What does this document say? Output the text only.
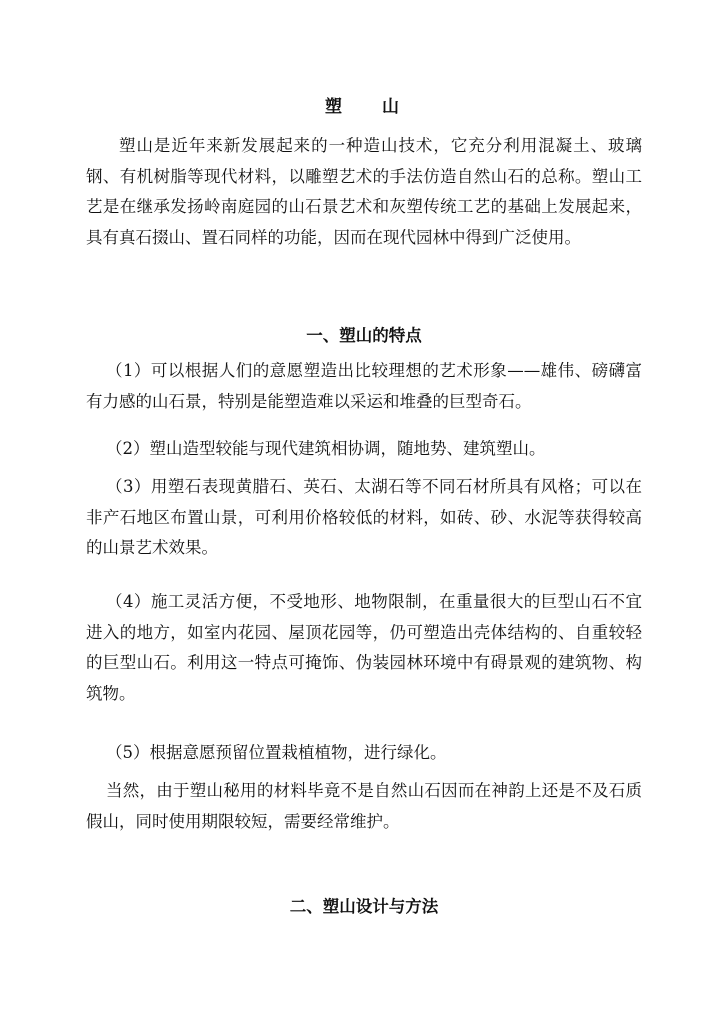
塑 山

塑山是近年来新发展起来的一种造山技术，它充分利用混凝土、玻璃钢、有机树脂等现代材料，以雕塑艺术的手法仿造自然山石的总称。塑山工艺是在继承发扬岭南庭园的山石景艺术和灰塑传统工艺的基础上发展起来，具有真石掇山、置石同样的功能，因而在现代园林中得到广泛使用。

一、塑山的特点

（1）可以根据人们的意愿塑造出比较理想的艺术形象——雄伟、磅礴富有力感的山石景，特别是能塑造难以采运和堆叠的巨型奇石。

（2）塑山造型较能与现代建筑相协调，随地势、建筑塑山。

（3）用塑石表现黄腊石、英石、太湖石等不同石材所具有风格；可以在非产石地区布置山景，可利用价格较低的材料，如砖、砂、水泥等获得较高的山景艺术效果。

（4）施工灵活方便，不受地形、地物限制，在重量很大的巨型山石不宜进入的地方，如室内花园、屋顶花园等，仍可塑造出壳体结构的、自重较轻的巨型山石。利用这一特点可掩饰、伪装园林环境中有碍景观的建筑物、构筑物。

（5）根据意愿预留位置栽植植物，进行绿化。

当然，由于塑山秘用的材料毕竟不是自然山石因而在神韵上还是不及石质假山，同时使用期限较短，需要经常维护。

二、塑山设计与方法
